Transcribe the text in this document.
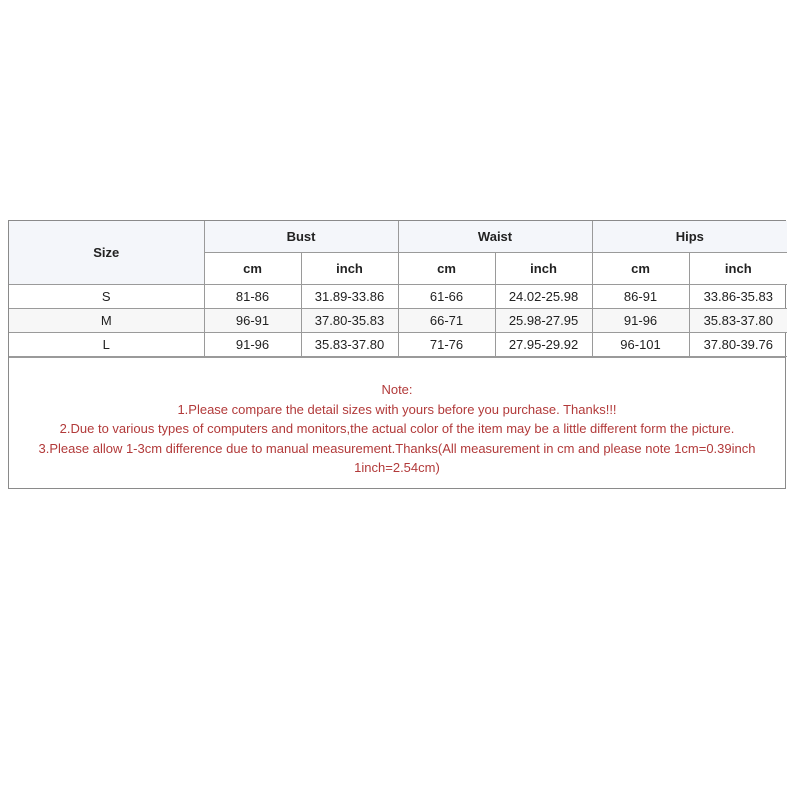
Size	Bust		Waist		Hips	
	cm	inch	cm	inch	cm	inch
S	81-86	31.89-33.86	61-66	24.02-25.98	86-91	33.86-35.83
M	96-91	37.80-35.83	66-71	25.98-27.95	91-96	35.83-37.80
L	91-96	35.83-37.80	71-76	27.95-29.92	96-101	37.80-39.76
Note:
1.Please compare the detail sizes with yours before you purchase. Thanks!!!
2.Due to various types of computers and monitors,the actual color of the item may be a little different form the picture.
3.Please allow 1-3cm difference due to manual measurement.Thanks(All measurement in cm and please note 1cm=0.39inch
1inch=2.54cm)
